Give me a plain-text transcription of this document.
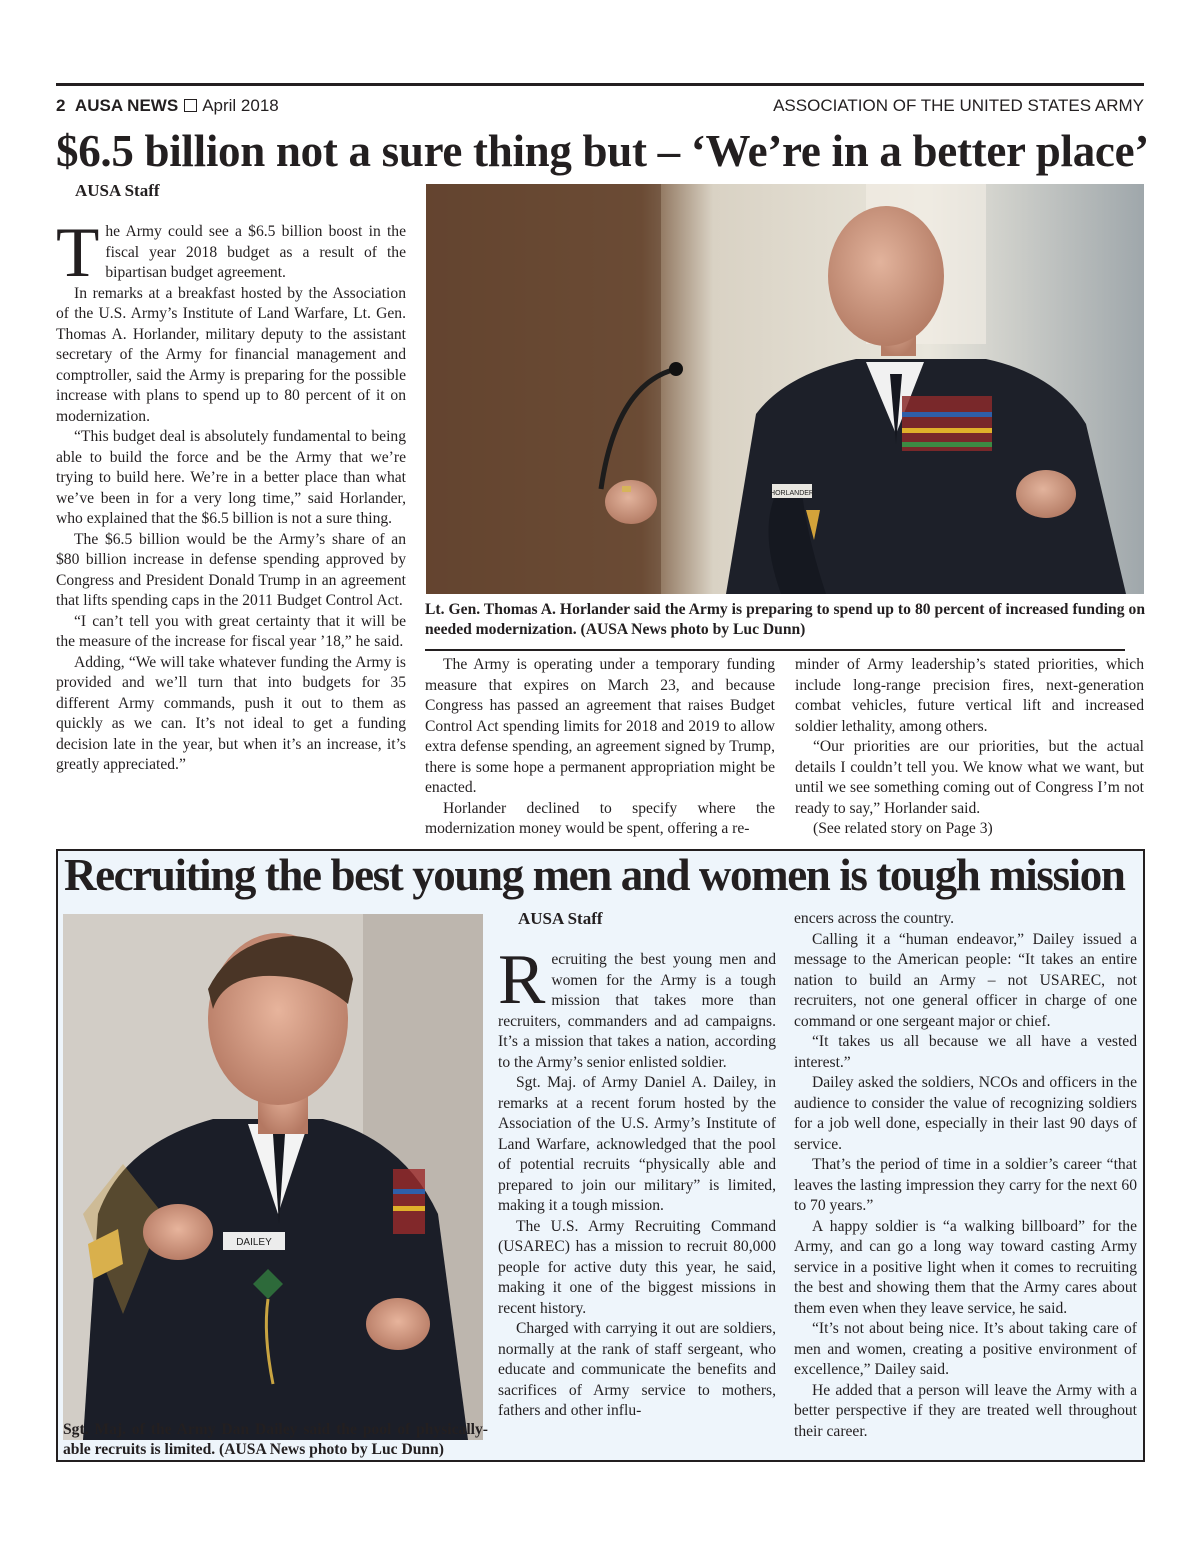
2 AUSA NEWS April 2018	ASSOCIATION OF THE UNITED STATES ARMY
$6.5 billion not a sure thing but – ‘We’re in a better place’
AUSA Staff

The Army could see a $6.5 billion boost in the fiscal year 2018 budget as a result of the bipartisan budget agreement.

In remarks at a breakfast hosted by the Association of the U.S. Army’s Institute of Land Warfare, Lt. Gen. Thomas A. Horlander, military deputy to the assistant secretary of the Army for financial management and comptroller, said the Army is preparing for the possible increase with plans to spend up to 80 percent of it on modernization.

“This budget deal is absolutely fundamental to being able to build the force and be the Army that we’re trying to build here. We’re in a better place than what we’ve been in for a very long time,” said Horlander, who explained that the $6.5 billion is not a sure thing.

The $6.5 billion would be the Army’s share of an $80 billion increase in defense spending approved by Congress and President Donald Trump in an agreement that lifts spending caps in the 2011 Budget Control Act.

“I can’t tell you with great certainty that it will be the measure of the increase for fiscal year ’18,” he said.

Adding, “We will take whatever funding the Army is provided and we’ll turn that into budgets for 35 different Army commands, push it out to them as quickly as we can. It’s not ideal to get a funding decision late in the year, but when it’s an increase, it’s greatly appreciated.”

HORLANDER
Lt. Gen. Thomas A. Horlander said the Army is preparing to spend up to 80 percent of increased funding on needed modernization. (AUSA News photo by Luc Dunn)

The Army is operating under a temporary funding measure that expires on March 23, and because Congress has passed an agreement that raises Budget Control Act spending limits for 2018 and 2019 to allow extra defense spending, an agreement signed by Trump, there is some hope a permanent appropriation might be enacted.

Horlander declined to specify where the modernization money would be spent, offering a re-

minder of Army leadership’s stated priorities, which include long-range precision fires, next-generation combat vehicles, future vertical lift and increased soldier lethality, among others.

“Our priorities are our priorities, but the actual details I couldn’t tell you. We know what we want, but until we see something coming out of Congress I’m not ready to say,” Horlander said.

(See related story on Page 3)

Recruiting the best young men and women is tough mission
AUSA Staff
DAILEY
Sgt. Maj. of the Army Dan Dailey said the pool of physically-able recruits is limited. (AUSA News photo by Luc Dunn)

Recruiting the best young men and women for the Army is a tough mission that takes more than recruiters, commanders and ad campaigns. It’s a mission that takes a nation, according to the Army’s senior enlisted soldier.

Sgt. Maj. of Army Daniel A. Dailey, in remarks at a recent forum hosted by the Association of the U.S. Army’s Institute of Land Warfare, acknowledged that the pool of potential recruits “physically able and prepared to join our military” is limited, making it a tough mission.

The U.S. Army Recruiting Command (USAREC) has a mission to recruit 80,000 people for active duty this year, he said, making it one of the biggest missions in recent history.

Charged with carrying it out are soldiers, normally at the rank of staff sergeant, who educate and communicate the benefits and sacrifices of Army service to mothers, fathers and other influ-

encers across the country.

Calling it a “human endeavor,” Dailey issued a message to the American people: “It takes an entire nation to build an Army – not USAREC, not recruiters, not one general officer in charge of one command or one sergeant major or chief.

“It takes us all because we all have a vested interest.”

Dailey asked the soldiers, NCOs and officers in the audience to consider the value of recognizing soldiers for a job well done, especially in their last 90 days of service.

That’s the period of time in a soldier’s career “that leaves the lasting impression they carry for the next 60 to 70 years.”

A happy soldier is “a walking billboard” for the Army, and can go a long way toward casting Army service in a positive light when it comes to recruiting the best and showing them that the Army cares about them even when they leave service, he said.

“It’s not about being nice. It’s about taking care of men and women, creating a positive environment of excellence,” Dailey said.

He added that a person will leave the Army with a better perspective if they are treated well throughout their career.
